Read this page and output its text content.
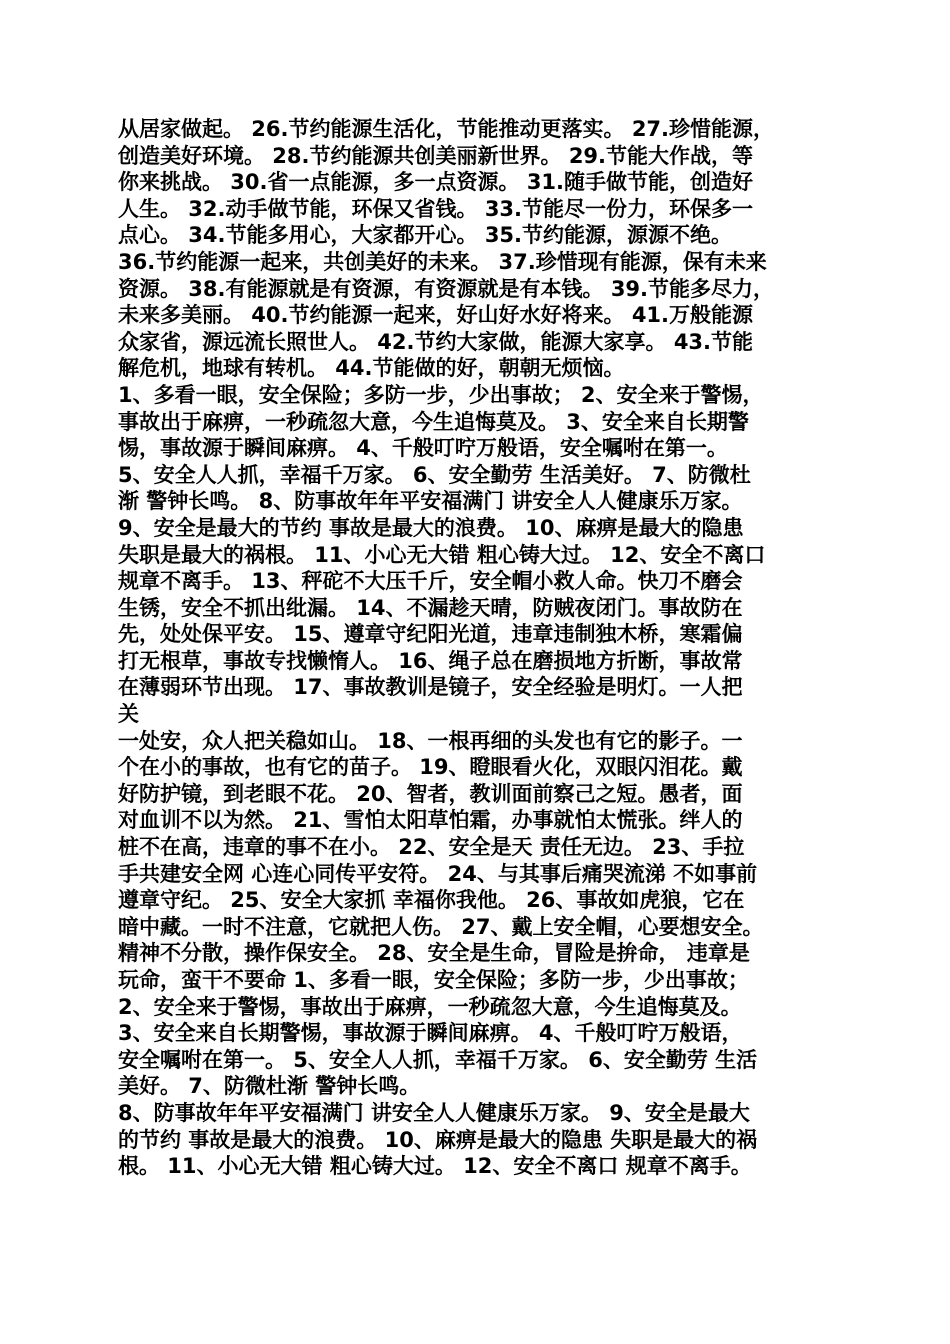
从居家做起。 26.节约能源生活化，节能推动更落实。 27.珍惜能源，
创造美好环境。 28.节约能源共创美丽新世界。 29.节能大作战，等
你来挑战。 30.省一点能源，多一点资源。 31.随手做节能，创造好
人生。 32.动手做节能，环保又省钱。 33.节能尽一份力，环保多一
点心。 34.节能多用心，大家都开心。 35.节约能源，源源不绝。
36.节约能源一起来，共创美好的未来。 37.珍惜现有能源，保有未来
资源。 38.有能源就是有资源，有资源就是有本钱。 39.节能多尽力，
未来多美丽。 40.节约能源一起来，好山好水好将来。 41.万般能源
众家省，源远流长照世人。 42.节约大家做，能源大家享。 43.节能
解危机，地球有转机。 44.节能做的好，朝朝无烦恼。
1、多看一眼，安全保险；多防一步，少出事故； 2、安全来于警惕，
事故出于麻痹，一秒疏忽大意，今生追悔莫及。 3、安全来自长期警
惕，事故源于瞬间麻痹。 4、千般叮咛万般语，安全嘱咐在第一。
5、安全人人抓，幸福千万家。 6、安全勤劳 生活美好。 7、防微杜
渐 警钟长鸣。 8、防事故年年平安福满门 讲安全人人健康乐万家。
9、安全是最大的节约 事故是最大的浪费。 10、麻痹是最大的隐患
失职是最大的祸根。 11、小心无大错 粗心铸大过。 12、安全不离口
规章不离手。 13、秤砣不大压千斤，安全帽小救人命。快刀不磨会
生锈，安全不抓出纰漏。 14、不漏趁天晴，防贼夜闭门。事故防在
先，处处保平安。 15、遵章守纪阳光道，违章违制独木桥，寒霜偏
打无根草，事故专找懒惰人。 16、绳子总在磨损地方折断，事故常
在薄弱环节出现。 17、事故教训是镜子，安全经验是明灯。一人把
关
一处安，众人把关稳如山。 18、一根再细的头发也有它的影子。一
个在小的事故，也有它的苗子。 19、瞪眼看火化，双眼闪泪花。戴
好防护镜，到老眼不花。 20、智者，教训面前察己之短。愚者，面
对血训不以为然。 21、雪怕太阳草怕霜，办事就怕太慌张。绊人的
桩不在高，违章的事不在小。 22、安全是天 责任无边。 23、手拉
手共建安全网 心连心同传平安符。 24、与其事后痛哭流涕 不如事前
遵章守纪。 25、安全大家抓 幸福你我他。 26、事故如虎狼，它在
暗中藏。一时不注意，它就把人伤。 27、戴上安全帽，心要想安全。
精神不分散，操作保安全。 28、安全是生命，冒险是拚命， 违章是
玩命，蛮干不要命 1、多看一眼，安全保险；多防一步，少出事故；
2、安全来于警惕，事故出于麻痹，一秒疏忽大意，今生追悔莫及。
3、安全来自长期警惕，事故源于瞬间麻痹。 4、千般叮咛万般语，
安全嘱咐在第一。 5、安全人人抓，幸福千万家。 6、安全勤劳 生活
美好。 7、防微杜渐 警钟长鸣。
8、防事故年年平安福满门 讲安全人人健康乐万家。 9、安全是最大
的节约 事故是最大的浪费。 10、麻痹是最大的隐患 失职是最大的祸
根。 11、小心无大错 粗心铸大过。 12、安全不离口 规章不离手。
